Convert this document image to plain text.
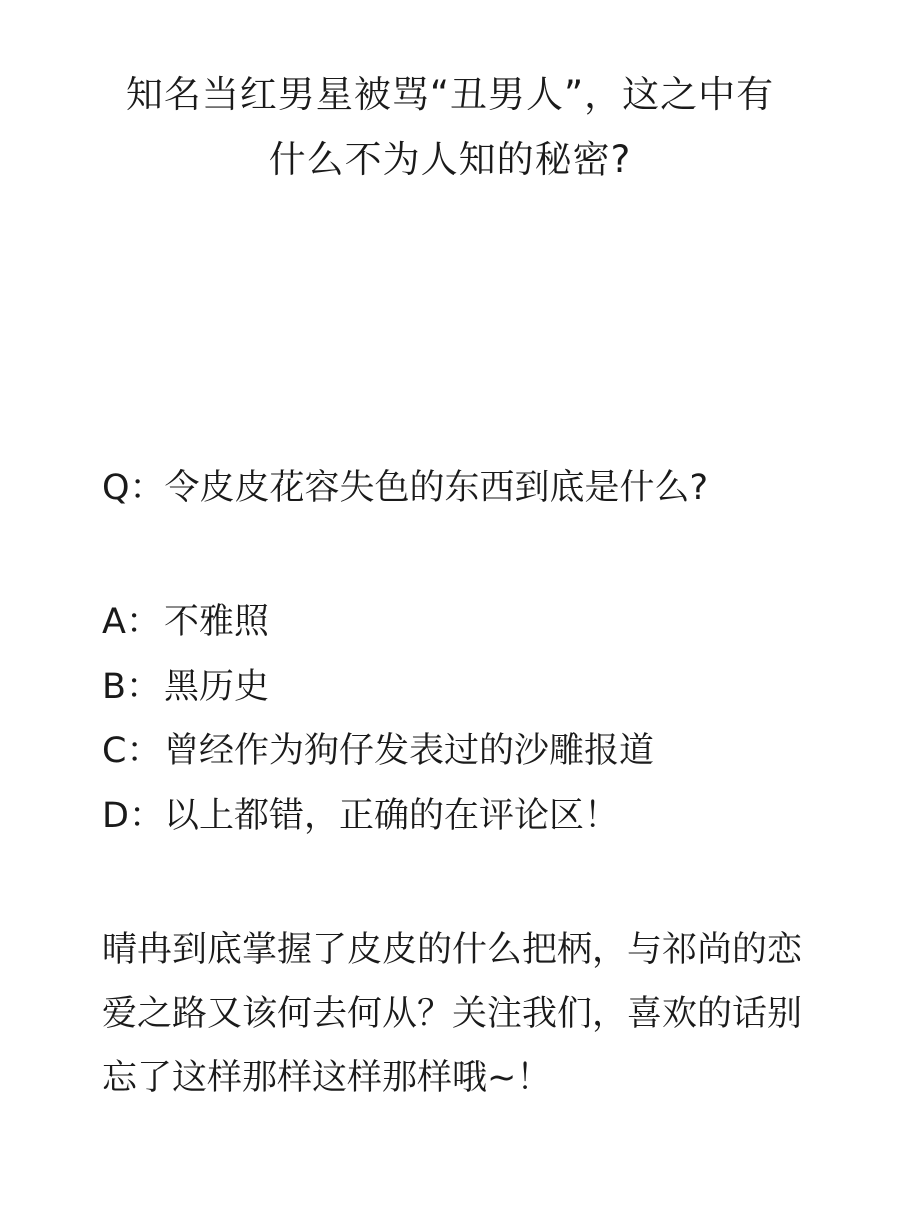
知名当红男星被骂“丑男人”，这之中有
什么不为人知的秘密?
Q：令皮皮花容失色的东西到底是什么?
A：不雅照
B：黑历史
C：曾经作为狗仔发表过的沙雕报道
D：以上都错，正确的在评论区！
晴冉到底掌握了皮皮的什么把柄，与祁尚的恋
爱之路又该何去何从？关注我们，喜欢的话别
忘了这样那样这样那样哦~！
